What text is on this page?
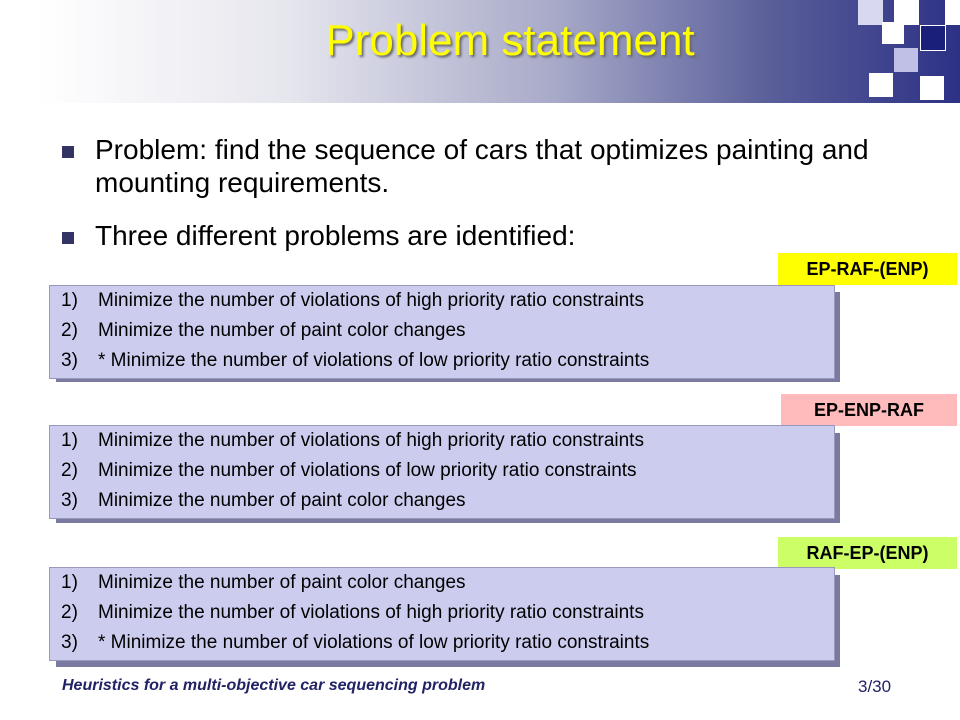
Problem statement
Problem: find the sequence of cars that optimizes painting and mounting requirements.
Three different problems are identified:
EP-RAF-(ENP)
1) Minimize the number of violations of high priority ratio constraints
2) Minimize the number of paint color changes
3) * Minimize the number of violations of low priority ratio constraints
EP-ENP-RAF
1) Minimize the number of violations of high priority ratio constraints
2) Minimize the number of violations of low priority ratio constraints
3) Minimize the number of paint color changes
RAF-EP-(ENP)
1) Minimize the number of paint color changes
2) Minimize the number of violations of high priority ratio constraints
3) * Minimize the number of violations of low priority ratio constraints
Heuristics for a multi-objective car sequencing problem	3/30
